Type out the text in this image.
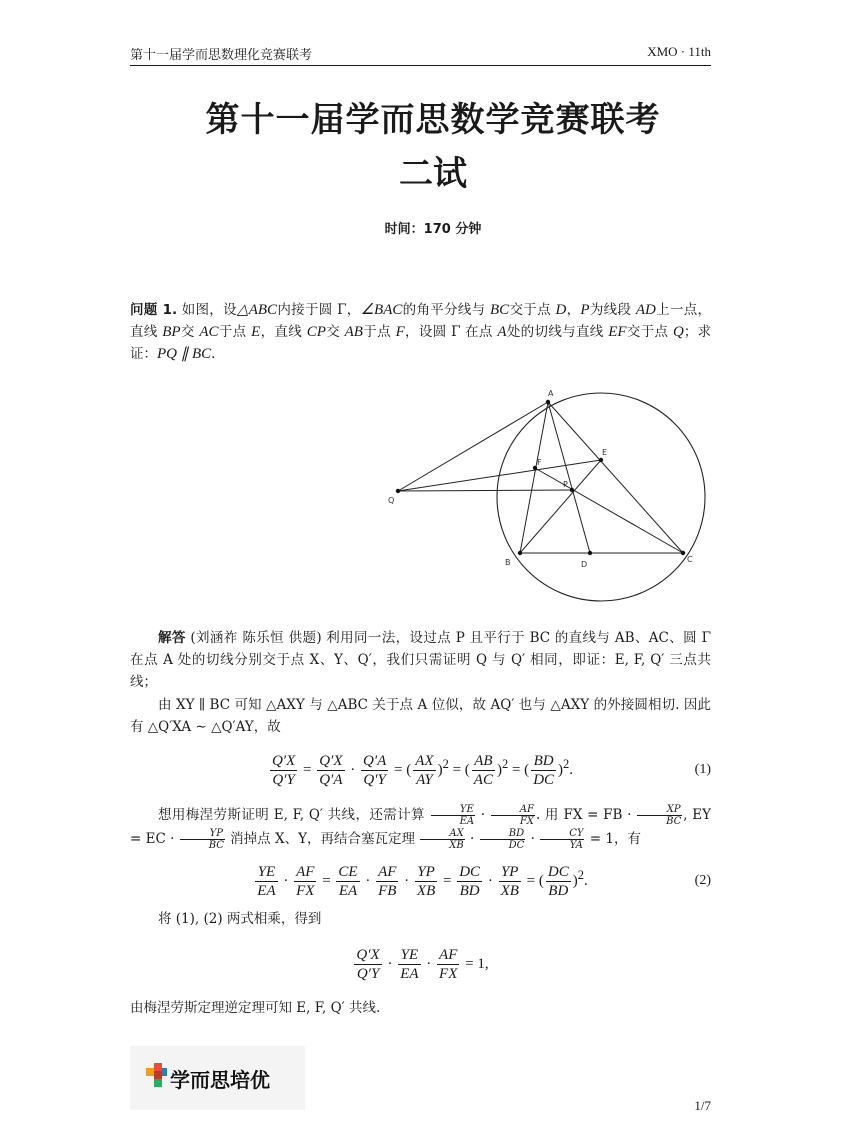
第十一届学而思数理化竞赛联考	XMO · 11th
第十一届学而思数学竞赛联考
二试
时间：170 分钟
问题 1. 如图，设△ABC内接于圆 Γ，∠BAC的角平分线与 BC交于点 D，P为线段 AD上一点，直线 BP交 AC于点 E，直线 CP交 AB于点 F，设圆 Γ 在点 A处的切线与直线 EF交于点 Q；求证：PQ ∥ BC.
A
B	C
D
E
F
P
Q
解答 (刘涵祚 陈乐恒 供题) 利用同一法，设过点 P 且平行于 BC 的直线与 AB、AC、圆 Γ 在点 A 处的切线分别交于点 X、Y、Q′，我们只需证明 Q 与 Q′ 相同，即证：E, F, Q′ 三点共线；
由 XY ∥ BC 可知 △AXY 与 △ABC 关于点 A 位似，故 AQ′ 也与 △AXY 的外接圆相切. 因此有 △Q′XA ∼ △Q′AY，故
$\frac{Q'X}{Q'Y} = \frac{Q'X}{Q'A} \cdot \frac{Q'A}{Q'Y}$ = ( $\frac{AX}{AY} )^2$ = ( $\frac{AB}{AC} )^2$ = ( $\frac{BD}{DC} )^2$.	(1)
想用梅涅劳斯证明 E, F, Q′ 共线，还需计算 $\frac{YE}{EA} \cdot \frac{AF}{FX}$ . 用 FX = FB · $\frac{XP}{BC}$ , EY = EC · $\frac{YP}{BC}$ 消掉点 X、Y，再结合塞瓦定理 $\frac{AX}{XB} \cdot \frac{BD}{DC} \cdot \frac{CY}{YA} = 1$，有
$\frac{YE}{EA} \cdot \frac{AF}{FX} = \frac{CE}{EA} \cdot \frac{AF}{FB} \cdot \frac{YP}{XB} = \frac{DC}{BD} \cdot \frac{YP}{XB}$ = ( $\frac{DC}{BD} )^2$.	(2)
将 (1), (2) 两式相乘，得到
$\frac{Q'X}{Q'Y} \cdot \frac{YE}{EA} \cdot \frac{AF}{FX} = 1$,
由梅涅劳斯定理逆定理可知 E, F, Q′ 共线.
学而思培优
1/7
